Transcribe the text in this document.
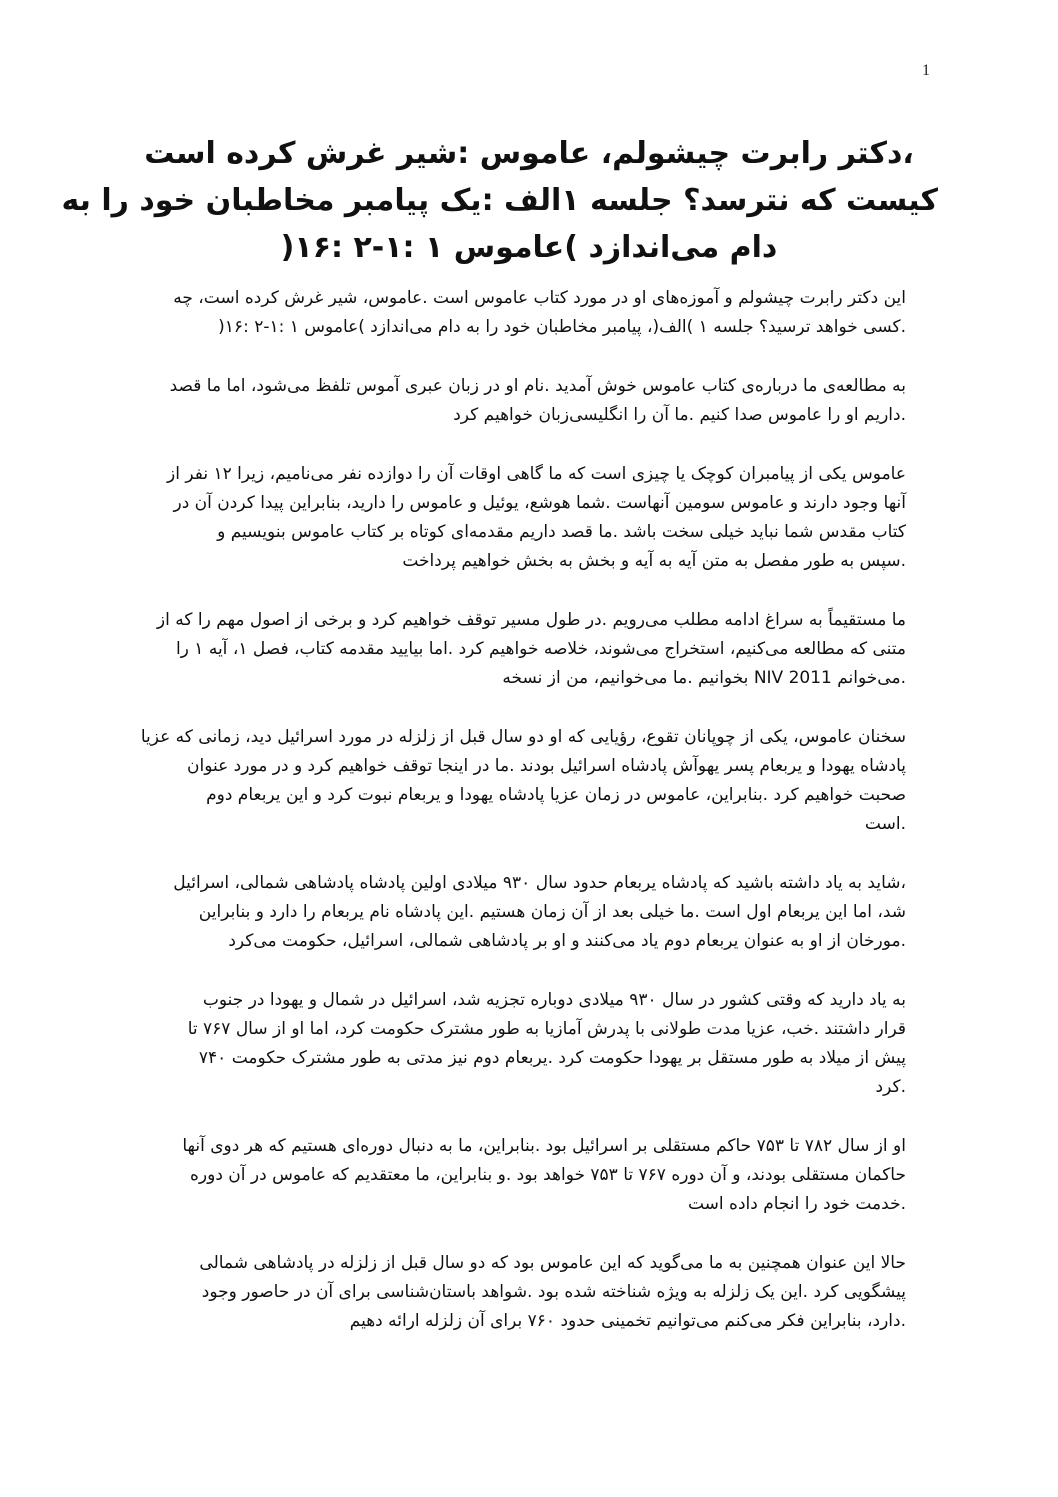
1
،دکتر رابرت چیشولم، عاموس :شیر غرش کرده است
کیست که نترسد؟ جلسه ۱الف :یک پیامبر مخاطبان خود را به
دام می‌اندازد )عاموس ۱ :۱-۲ :۱۶(

این دکتر رابرت چیشولم و آموزه‌های او در مورد کتاب عاموس است .عاموس، شیر غرش کرده است، چه
.کسی خواهد ترسید؟ جلسه ۱ )الف(، پیامبر مخاطبان خود را به دام می‌اندازد )عاموس ۱ :۱-۲ :۱۶(

به مطالعه‌ی ما درباره‌ی کتاب عاموس خوش آمدید .نام او در زبان عبری آموس تلفظ می‌شود، اما ما قصد
.داریم او را عاموس صدا کنیم .ما آن را انگلیسی‌زبان خواهیم کرد

عاموس یکی از پیامبران کوچک یا چیزی است که ما گاهی اوقات آن را دوازده نفر می‌نامیم، زیرا ۱۲ نفر از
آنها وجود دارند و عاموس سومین آنهاست .شما هوشع، یوئیل و عاموس را دارید، بنابراین پیدا کردن آن در
کتاب مقدس شما نباید خیلی سخت باشد .ما قصد داریم مقدمه‌ای کوتاه بر کتاب عاموس بنویسیم و
.سپس به طور مفصل به متن آیه به آیه و بخش به بخش خواهیم پرداخت

ما مستقیماً به سراغ ادامه مطلب می‌رویم .در طول مسیر توقف خواهیم کرد و برخی از اصول مهم را که از
متنی که مطالعه می‌کنیم، استخراج می‌شوند، خلاصه خواهیم کرد .اما بیایید مقدمه کتاب، فصل ۱، آیه ۱ را
.می‌خوانم NIV 2011 بخوانیم .ما می‌خوانیم، من از نسخه

سخنان عاموس، یکی از چوپانان تقوع، رؤیایی که او دو سال قبل از زلزله در مورد اسرائیل دید، زمانی که عزیا
پادشاه یهودا و یربعام پسر یهوآش پادشاه اسرائیل بودند .ما در اینجا توقف خواهیم کرد و در مورد عنوان
صحبت خواهیم کرد .بنابراین، عاموس در زمان عزیا پادشاه یهودا و یربعام نبوت کرد و این یربعام دوم
.است

،شاید به یاد داشته باشید که پادشاه یربعام حدود سال ۹۳۰ میلادی اولین پادشاه پادشاهی شمالی، اسرائیل
شد، اما این یربعام اول است .ما خیلی بعد از آن زمان هستیم .این پادشاه نام یربعام را دارد و بنابراین
.مورخان از او به عنوان یربعام دوم یاد می‌کنند و او بر پادشاهی شمالی، اسرائیل، حکومت می‌کرد

به یاد دارید که وقتی کشور در سال ۹۳۰ میلادی دوباره تجزیه شد، اسرائیل در شمال و یهودا در جنوب
قرار داشتند .خب، عزیا مدت طولانی با پدرش آمازیا به طور مشترک حکومت کرد، اما او از سال ۷۶۷ تا
پیش از میلاد به طور مستقل بر یهودا حکومت کرد .یربعام دوم نیز مدتی به طور مشترک حکومت ۷۴۰
.کرد

او از سال ۷۸۲ تا ۷۵۳ حاکم مستقلی بر اسرائیل بود .بنابراین، ما به دنبال دوره‌ای هستیم که هر دوی آنها
حاکمان مستقلی بودند، و آن دوره ۷۶۷ تا ۷۵۳ خواهد بود .و بنابراین، ما معتقدیم که عاموس در آن دوره
.خدمت خود را انجام داده است

حالا این عنوان همچنین به ما می‌گوید که این عاموس بود که دو سال قبل از زلزله در پادشاهی شمالی
پیشگویی کرد .این یک زلزله به ویژه شناخته شده بود .شواهد باستان‌شناسی برای آن در حاصور وجود
.دارد، بنابراین فکر می‌کنم می‌توانیم تخمینی حدود ۷۶۰ برای آن زلزله ارائه دهیم
